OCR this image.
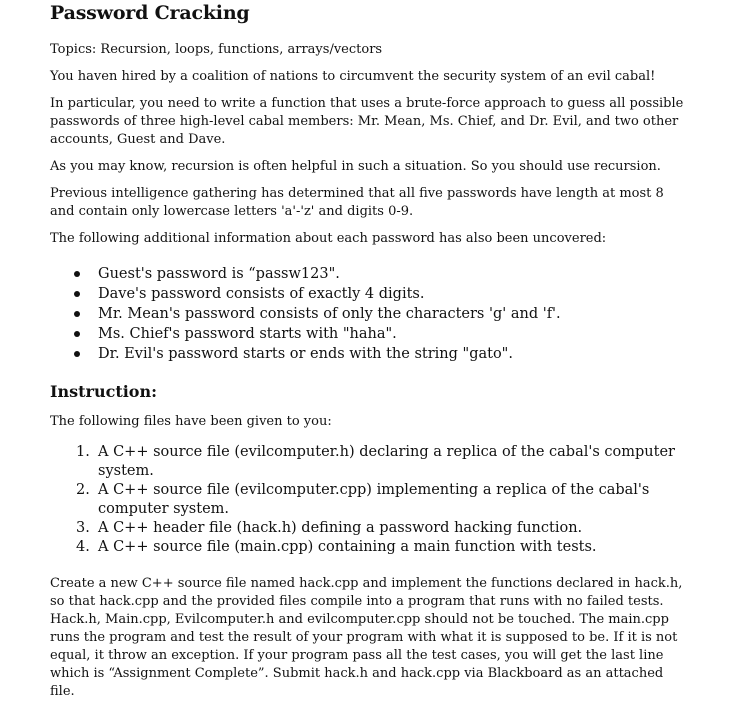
Password Cracking

Topics: Recursion, loops, functions, arrays/vectors

You haven hired by a coalition of nations to circumvent the security system of an evil cabal!

In particular, you need to write a function that uses a brute-force approach to guess all possible passwords of three high-level cabal members: Mr. Mean, Ms. Chief, and Dr. Evil, and two other accounts, Guest and Dave.

As you may know, recursion is often helpful in such a situation. So you should use recursion.

Previous intelligence gathering has determined that all five passwords have length at most 8 and contain only lowercase letters 'a'-'z' and digits 0-9.

The following additional information about each password has also been uncovered:

Guest's password is “passw123".
Dave's password consists of exactly 4 digits.
Mr. Mean's password consists of only the characters 'g' and 'f'.
Ms. Chief's password starts with "haha".
Dr. Evil's password starts or ends with the string "gato".
Instruction:

The following files have been given to you:

1. A C++ source file (evilcomputer.h) declaring a replica of the cabal's computer system.
2. A C++ source file (evilcomputer.cpp) implementing a replica of the cabal's computer system.
3. A C++ header file (hack.h) defining a password hacking function.
4. A C++ source file (main.cpp) containing a main function with tests.

Create a new C++ source file named hack.cpp and implement the functions declared in hack.h, so that hack.cpp and the provided files compile into a program that runs with no failed tests. Hack.h, Main.cpp, Evilcomputer.h and evilcomputer.cpp should not be touched. The main.cpp runs the program and test the result of your program with what it is supposed to be. If it is not equal, it throw an exception. If your program pass all the test cases, you will get the last line which is “Assignment Complete”. Submit hack.h and hack.cpp via Blackboard as an attached file.
